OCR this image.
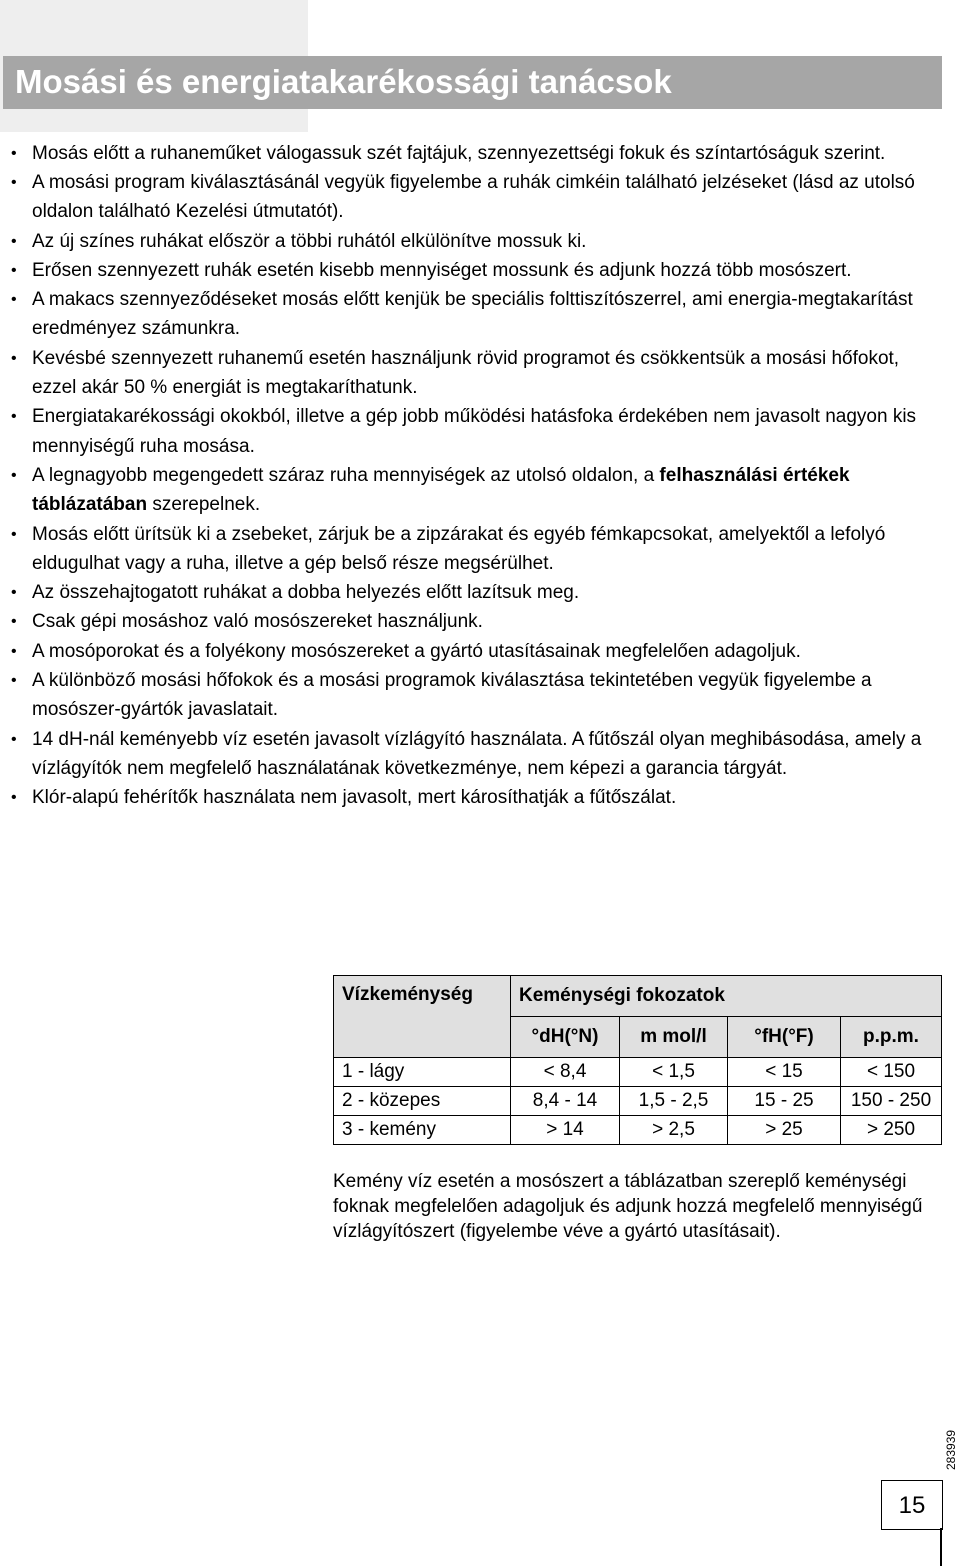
Mosási és energiatakarékossági tanácsok
• Mosás előtt a ruhaneműket válogassuk szét fajtájuk, szennyezettségi fokuk és színtartóságuk szerint.
• A mosási program kiválasztásánál vegyük figyelembe a ruhák cimkéin található jelzéseket (lásd az utolsó oldalon található Kezelési útmutatót).
• Az új színes ruhákat először a többi ruhától elkülönítve mossuk ki.
• Erősen szennyezett ruhák esetén kisebb mennyiséget mossunk és adjunk hozzá több mosószert.
• A makacs szennyeződéseket mosás előtt kenjük be speciális folttiszítószerrel, ami energia-megtakarítást eredményez számunkra.
• Kevésbé szennyezett ruhanemű esetén használjunk rövid programot és csökkentsük a mosási hőfokot, ezzel akár 50 % energiát is megtakaríthatunk.
• Energiatakarékossági okokból, illetve a gép jobb működési hatásfoka érdekében nem javasolt nagyon kis mennyiségű ruha mosása.
• A legnagyobb megengedett száraz ruha mennyiségek az utolsó oldalon, a felhasználási értékek táblázatában szerepelnek.
• Mosás előtt ürítsük ki a zsebeket, zárjuk be a zipzárakat és egyéb fémkapcsokat, amelyektől a lefolyó eldugulhat vagy a ruha, illetve a gép belső része megsérülhet.
• Az összehajtogatott ruhákat a dobba helyezés előtt lazítsuk meg.
• Csak gépi mosáshoz való mosószereket használjunk.
• A mosóporokat és a folyékony mosószereket a gyártó utasításainak megfelelően adagoljuk.
• A különböző mosási hőfokok és a mosási programok kiválasztása tekintetében vegyük figyelembe a mosószer-gyártók javaslatait.
• 14 dH-nál keményebb víz esetén javasolt vízlágyító használata. A fűtőszál olyan meghibásodása, amely a vízlágyítók nem megfelelő használatának következménye, nem képezi a garancia tárgyát.
• Klór-alapú fehérítők használata nem javasolt, mert károsíthatják a fűtőszálat.
Vízkeménység	Keménységi fokozatok			
	°dH(°N)	m mol/l	°fH(°F)	p.p.m.
1 - lágy	< 8,4	< 1,5	< 15	< 150
2 - közepes	8,4 - 14	1,5 - 2,5	15 - 25	150 - 250
3 - kemény	> 14	> 2,5	> 25	> 250
Kemény víz esetén a mosószert a táblázatban szereplő keménységi foknak megfelelően adagoljuk és adjunk hozzá megfelelő mennyiségű vízlágyítószert (figyelembe véve a gyártó utasításait).
283939
15
